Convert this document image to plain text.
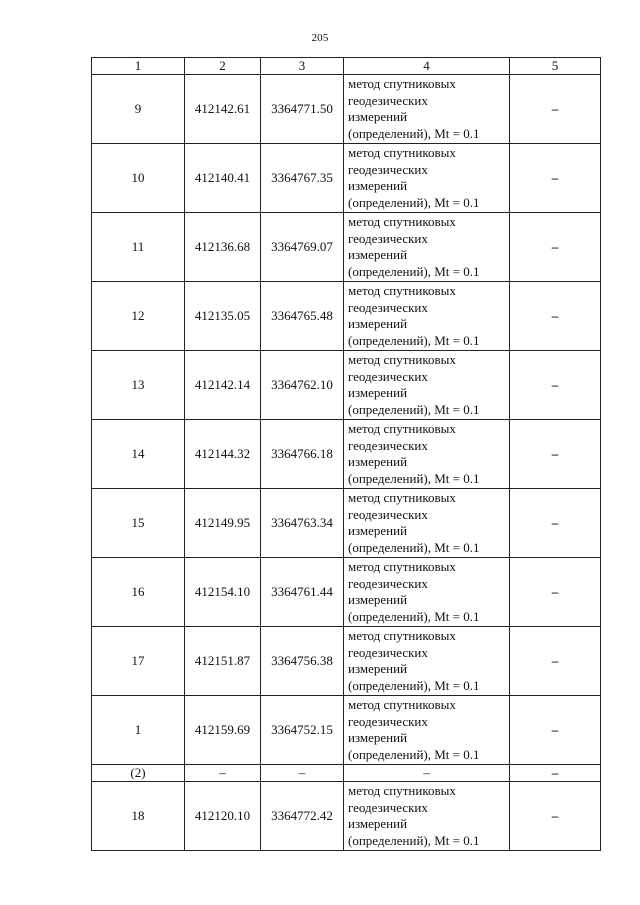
205
1	2	3	4	5
9	412142.61	3364771.50	метод спутниковых
геодезических
измерений
(определений), Mt = 0.1	–
10	412140.41	3364767.35	метод спутниковых
геодезических
измерений
(определений), Mt = 0.1	–
11	412136.68	3364769.07	метод спутниковых
геодезических
измерений
(определений), Mt = 0.1	–
12	412135.05	3364765.48	метод спутниковых
геодезических
измерений
(определений), Mt = 0.1	–
13	412142.14	3364762.10	метод спутниковых
геодезических
измерений
(определений), Mt = 0.1	–
14	412144.32	3364766.18	метод спутниковых
геодезических
измерений
(определений), Mt = 0.1	–
15	412149.95	3364763.34	метод спутниковых
геодезических
измерений
(определений), Mt = 0.1	–
16	412154.10	3364761.44	метод спутниковых
геодезических
измерений
(определений), Mt = 0.1	–
17	412151.87	3364756.38	метод спутниковых
геодезических
измерений
(определений), Mt = 0.1	–
1	412159.69	3364752.15	метод спутниковых
геодезических
измерений
(определений), Mt = 0.1	–
(2)	–	–	–	–
18	412120.10	3364772.42	метод спутниковых
геодезических
измерений
(определений), Mt = 0.1	–
